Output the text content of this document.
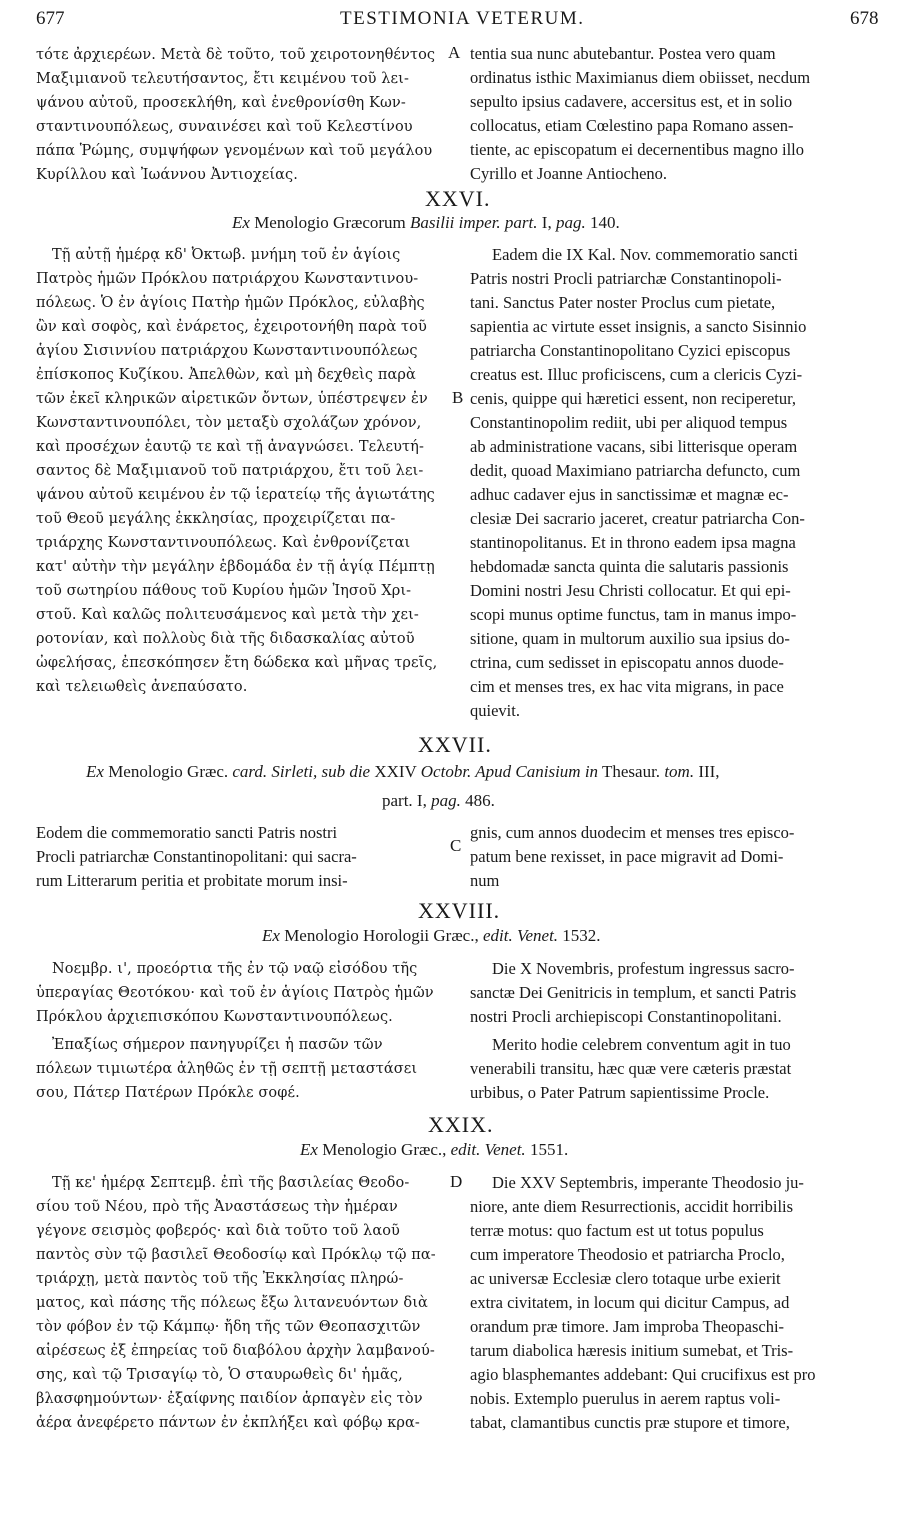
677	TESTIMONIA VETERUM.	678
τότε ἀρχιερέων. Μετὰ δὲ τοῦτο, τοῦ χειροτονηθέντος
Μαξιμιανοῦ τελευτήσαντος, ἔτι κειμένου τοῦ λει-
ψάνου αὐτοῦ, προσεκλήθη, καὶ ἐνεθρονίσθη Κων-
σταντινουπόλεως, συναινέσει καὶ τοῦ Κελεστίνου
πάπα Ῥώμης, συμψήφων γενομένων καὶ τοῦ μεγάλου
Κυρίλλου καὶ Ἰωάννου Ἀντιοχείας.
A tentia sua nunc abutebantur. Postea vero quam
ordinatus isthic Maximianus diem obiisset, necdum
sepulto ipsius cadavere, accersitus est, et in solio
collocatus, etiam Cœlestino papa Romano assen-
tiente, ac episcopatum ei decernentibus magno illo
Cyrillo et Joanne Antiocheno.
XXVI.
Ex Menologio Græcorum Basilii imper. part. I, pag. 140.
Τῇ αὐτῇ ἡμέρᾳ κδ' Ὀκτωβ. μνήμη τοῦ ἐν ἁγίοις
Πατρὸς ἡμῶν Πρόκλου πατριάρχου Κωνσταντινου-
πόλεως. Ὁ ἐν ἁγίοις Πατὴρ ἡμῶν Πρόκλος, εὐλαβὴς
ὢν καὶ σοφὸς, καὶ ἐνάρετος, ἐχειροτονήθη παρὰ τοῦ
ἁγίου Σισιννίου πατριάρχου Κωνσταντινουπόλεως
ἐπίσκοπος Κυζίκου. Ἀπελθὼν, καὶ μὴ δεχθεὶς παρὰ
τῶν ἐκεῖ κληρικῶν αἱρετικῶν ὄντων, ὑπέστρεψεν ἐν
Κωνσταντινουπόλει, τὸν μεταξὺ σχολάζων χρόνον,
καὶ προσέχων ἑαυτῷ τε καὶ τῇ ἀναγνώσει. Τελευτή-
σαντος δὲ Μαξιμιανοῦ τοῦ πατριάρχου, ἔτι τοῦ λει-
ψάνου αὐτοῦ κειμένου ἐν τῷ ἱερατείῳ τῆς ἁγιωτάτης
τοῦ Θεοῦ μεγάλης ἐκκλησίας, προχειρίζεται πα-
τριάρχης Κωνσταντινουπόλεως. Καὶ ἐνθρονίζεται
κατ' αὐτὴν τὴν μεγάλην ἑβδομάδα ἐν τῇ ἁγίᾳ Πέμπτῃ
τοῦ σωτηρίου πάθους τοῦ Κυρίου ἡμῶν Ἰησοῦ Χρι-
στοῦ. Καὶ καλῶς πολιτευσάμενος καὶ μετὰ τὴν χει-
ροτονίαν, καὶ πολλοὺς διὰ τῆς διδασκαλίας αὐτοῦ
ὠφελήσας, ἐπεσκόπησεν ἔτη δώδεκα καὶ μῆνας τρεῖς,
καὶ τελειωθεὶς ἀνεπαύσατο.
B
Eadem die IX Kal. Nov. commemoratio sancti
Patris nostri Procli patriarchæ Constantinopoli-
tani. Sanctus Pater noster Proclus cum pietate,
sapientia ac virtute esset insignis, a sancto Sisinnio
patriarcha Constantinopolitano Cyzici episcopus
creatus est. Illuc proficiscens, cum a clericis Cyzi-
cenis, quippe qui hæretici essent, non reciperetur,
Constantinopolim rediit, ubi per aliquod tempus
ab administratione vacans, sibi litterisque operam
dedit, quoad Maximiano patriarcha defuncto, cum
adhuc cadaver ejus in sanctissimæ et magnæ ec-
clesiæ Dei sacrario jaceret, creatur patriarcha Con-
stantinopolitanus. Et in throno eadem ipsa magna
hebdomadæ sancta quinta die salutaris passionis
Domini nostri Jesu Christi collocatur. Et qui epi-
scopi munus optime functus, tam in manus impo-
sitione, quam in multorum auxilio sua ipsius do-
ctrina, cum sedisset in episcopatu annos duode-
cim et menses tres, ex hac vita migrans, in pace
quievit.
XXVII.
Ex Menologio Græc. card. Sirleti, sub die XXIV Octobr. Apud Canisium in Thesaur. tom. III,
part. I, pag. 486.
Eodem die commemoratio sancti Patris nostri
Procli patriarchæ Constantinopolitani: qui sacra-
rum Litterarum peritia et probitate morum insi-
C
gnis, cum annos duodecim et menses tres episco-
patum bene rexisset, in pace migravit ad Domi-
num
XXVIII.
Ex Menologio Horologii Græc., edit. Venet. 1532.
Νοεμβρ. ι', προεόρτια τῆς ἐν τῷ ναῷ εἰσόδου τῆς
ὑπεραγίας Θεοτόκου· καὶ τοῦ ἐν ἁγίοις Πατρὸς ἡμῶν
Πρόκλου ἀρχιεπισκόπου Κωνσταντινουπόλεως.
Ἐπαξίως σήμερον πανηγυρίζει ἡ πασῶν τῶν
πόλεων τιμιωτέρα ἀληθῶς ἐν τῇ σεπτῇ μεταστάσει
σου, Πάτερ Πατέρων Πρόκλε σοφέ.
Die X Novembris, profestum ingressus sacro-
sanctæ Dei Genitricis in templum, et sancti Patris
nostri Procli archiepiscopi Constantinopolitani.
Merito hodie celebrem conventum agit in tuo
venerabili transitu, hæc quæ vere cæteris præstat
urbibus, o Pater Patrum sapientissime Procle.
XXIX.
Ex Menologio Græc., edit. Venet. 1551.
Τῇ κε' ἡμέρᾳ Σεπτεμβ. ἐπὶ τῆς βασιλείας Θεοδο-
σίου τοῦ Νέου, πρὸ τῆς Ἀναστάσεως τὴν ἡμέραν
γέγονε σεισμὸς φοβερός· καὶ διὰ τοῦτο τοῦ λαοῦ
παντὸς σὺν τῷ βασιλεῖ Θεοδοσίῳ καὶ Πρόκλῳ τῷ πα-
τριάρχῃ, μετὰ παντὸς τοῦ τῆς Ἐκκλησίας πληρώ-
ματος, καὶ πάσης τῆς πόλεως ἔξω λιτανευόντων διὰ
τὸν φόβον ἐν τῷ Κάμπῳ· ἤδη τῆς τῶν Θεοπασχιτῶν
αἱρέσεως ἐξ ἐπηρείας τοῦ διαβόλου ἀρχὴν λαμβανού-
σης, καὶ τῷ Τρισαγίῳ τὸ, Ὁ σταυρωθεὶς δι' ἡμᾶς,
βλασφημούντων· ἐξαίφνης παιδίον ἁρπαγὲν εἰς τὸν
ἀέρα ἀνεφέρετο πάντων ἐν ἐκπλήξει καὶ φόβῳ κρα-
D Die XXV Septembris, imperante Theodosio ju-
niore, ante diem Resurrectionis, accidit horribilis
terræ motus: quo factum est ut totus populus
cum imperatore Theodosio et patriarcha Proclo,
ac universæ Ecclesiæ clero totaque urbe exierit
extra civitatem, in locum qui dicitur Campus, ad
orandum præ timore. Jam improba Theopaschi-
tarum diabolica hæresis initium sumebat, et Tris-
agio blasphemantes addebant: Qui crucifixus est pro
nobis. Extemplo puerulus in aerem raptus voli-
tabat, clamantibus cunctis præ stupore et timore,
